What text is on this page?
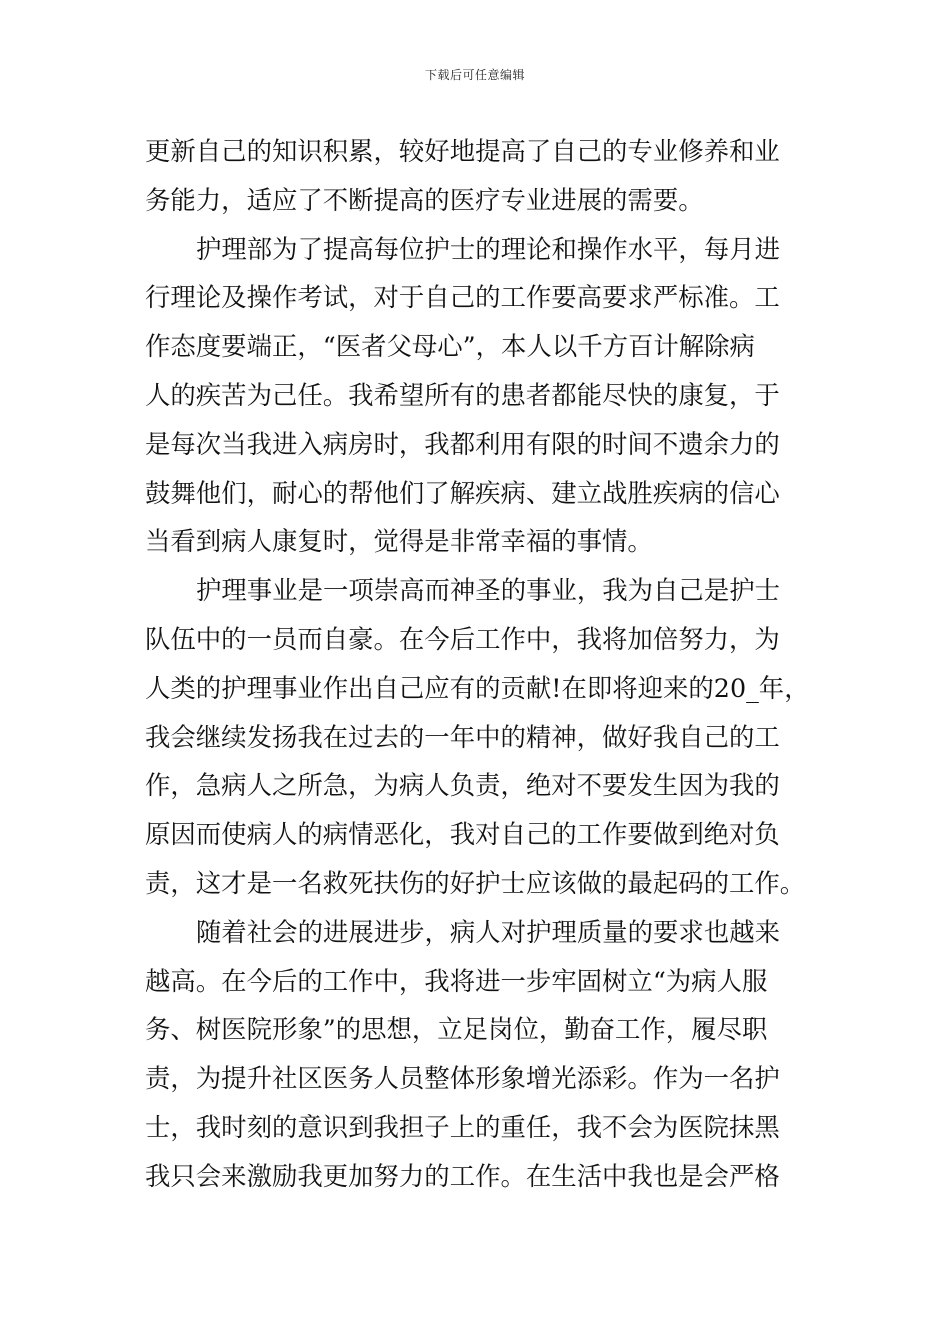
下载后可任意编辑

更新自己的知识积累，较好地提高了自己的专业修养和业
务能力，适应了不断提高的医疗专业进展的需要。

护理部为了提高每位护士的理论和操作水平，每月进
行理论及操作考试，对于自己的工作要高要求严标准。工
作态度要端正，“医者父母心”，本人以千方百计解除病
人的疾苦为己任。我希望所有的患者都能尽快的康复，于
是每次当我进入病房时，我都利用有限的时间不遗余力的
鼓舞他们，耐心的帮他们了解疾病、建立战胜疾病的信心
当看到病人康复时，觉得是非常幸福的事情。

护理事业是一项崇高而神圣的事业，我为自己是护士
队伍中的一员而自豪。在今后工作中，我将加倍努力，为
人类的护理事业作出自己应有的贡献!在即将迎来的20_年，
我会继续发扬我在过去的一年中的精神，做好我自己的工
作，急病人之所急，为病人负责，绝对不要发生因为我的
原因而使病人的病情恶化，我对自己的工作要做到绝对负
责，这才是一名救死扶伤的好护士应该做的最起码的工作。

随着社会的进展进步，病人对护理质量的要求也越来
越高。在今后的工作中，我将进一步牢固树立“为病人服
务、树医院形象”的思想，立足岗位，勤奋工作，履尽职
责，为提升社区医务人员整体形象增光添彩。作为一名护
士，我时刻的意识到我担子上的重任，我不会为医院抹黑
我只会来激励我更加努力的工作。在生活中我也是会严格
